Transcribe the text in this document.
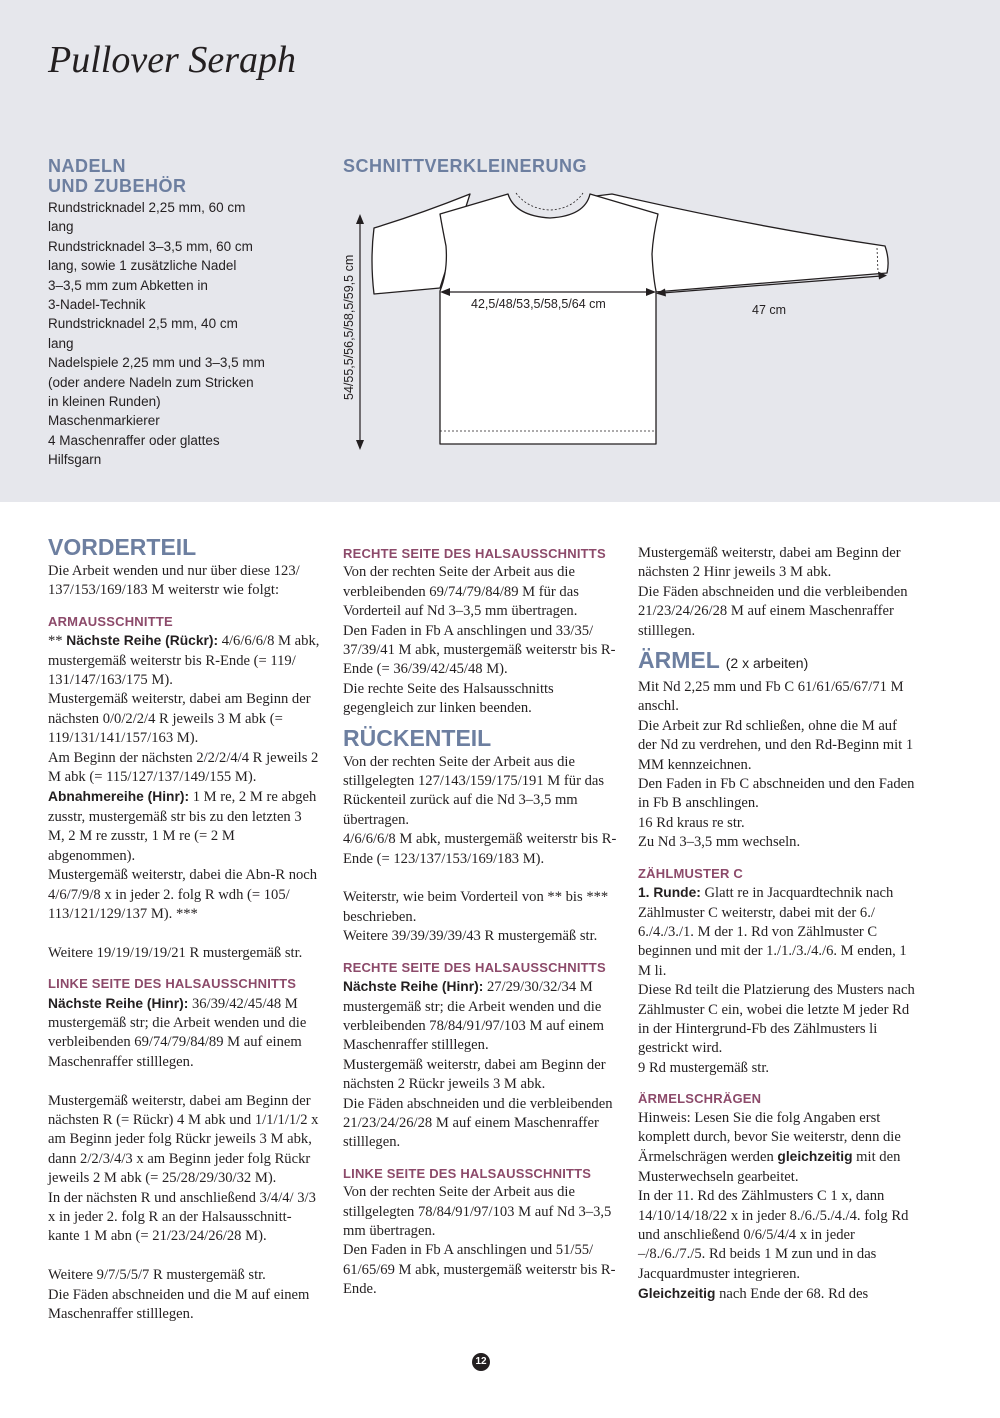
Pullover Seraph
NADELN
UND ZUBEHÖR
Rundstricknadel 2,25 mm, 60 cm
lang
Rundstricknadel 3–3,5 mm, 60 cm
lang, sowie 1 zusätzliche Nadel
3–3,5 mm zum Abketten in
3-Nadel-Technik
Rundstricknadel 2,5 mm, 40 cm
lang
Nadelspiele 2,25 mm und 3–3,5 mm
(oder andere Nadeln zum Stricken
in kleinen Runden)
Maschenmarkierer
4 Maschenraffer oder glattes
Hilfsgarn
SCHNITTVERKLEINERUNG
54/55,5/56,5/58,5/59,5 cm	42,5/48/53,5/58,5/64 cm	47 cm
VORDERTEIL

Die Arbeit wenden und nur über diese 123/ 137/153/169/183 M weiterstr wie folgt:

ARMAUSSCHNITTE

** Nächste Reihe (Rückr): 4/6/6/6/8 M abk, mustergemäß weiterstr bis R-Ende (= 119/ 131/147/163/175 M).

Mustergemäß weiterstr, dabei am Beginn der nächsten 0/0/2/2/4 R jeweils 3 M abk (= 119/131/141/157/163 M).

Am Beginn der nächsten 2/2/2/4/4 R jeweils 2 M abk (= 115/127/137/149/155 M).

Abnahmereihe (Hinr): 1 M re, 2 M re abgeh zusstr, mustergemäß str bis zu den letzten 3 M, 2 M re zusstr, 1 M re (= 2 M abgenommen).

Mustergemäß weiterstr, dabei die Abn-R noch 4/6/7/9/8 x in jeder 2. folg R wdh (= 105/ 113/121/129/137 M). ***

Weitere 19/19/19/19/21 R mustergemäß str.

LINKE SEITE DES HALSAUSSCHNITTS

Nächste Reihe (Hinr): 36/39/42/45/48 M mustergemäß str; die Arbeit wenden und die verbleibenden 69/74/79/84/89 M auf einem Maschenraffer stilllegen.

Mustergemäß weiterstr, dabei am Beginn der nächsten R (= Rückr) 4 M abk und 1/1/1/1/2 x am Beginn jeder folg Rückr jeweils 3 M abk, dann 2/2/3/4/3 x am Beginn jeder folg Rückr jeweils 2 M abk (= 25/28/29/30/32 M).

In der nächsten R und anschließend 3/4/4/ 3/3 x in jeder 2. folg R an der Halsausschnitt-kante 1 M abn (= 21/23/24/26/28 M).

Weitere 9/7/5/5/7 R mustergemäß str.

Die Fäden abschneiden und die M auf einem Maschenraffer stilllegen.

RECHTE SEITE DES HALSAUSSCHNITTS

Von der rechten Seite der Arbeit aus die verbleibenden 69/74/79/84/89 M für das Vorderteil auf Nd 3–3,5 mm übertragen.

Den Faden in Fb A anschlingen und 33/35/ 37/39/41 M abk, mustergemäß weiterstr bis R-Ende (= 36/39/42/45/48 M).

Die rechte Seite des Halsausschnitts gegengleich zur linken beenden.

RÜCKENTEIL

Von der rechten Seite der Arbeit aus die stillgelegten 127/143/159/175/191 M für das Rückenteil zurück auf die Nd 3–3,5 mm übertragen.

4/6/6/6/8 M abk, mustergemäß weiterstr bis R-Ende (= 123/137/153/169/183 M).

Weiterstr, wie beim Vorderteil von ** bis *** beschrieben.

Weitere 39/39/39/39/43 R mustergemäß str.

RECHTE SEITE DES HALSAUSSCHNITTS

Nächste Reihe (Hinr): 27/29/30/32/34 M mustergemäß str; die Arbeit wenden und die verbleibenden 78/84/91/97/103 M auf einem Maschenraffer stilllegen.

Mustergemäß weiterstr, dabei am Beginn der nächsten 2 Rückr jeweils 3 M abk.

Die Fäden abschneiden und die verbleibenden 21/23/24/26/28 M auf einem Maschenraffer stilllegen.

LINKE SEITE DES HALSAUSSCHNITTS

Von der rechten Seite der Arbeit aus die stillgelegten 78/84/91/97/103 M auf Nd 3–3,5 mm übertragen.

Den Faden in Fb A anschlingen und 51/55/ 61/65/69 M abk, mustergemäß weiterstr bis R-Ende.

Mustergemäß weiterstr, dabei am Beginn der nächsten 2 Hinr jeweils 3 M abk.

Die Fäden abschneiden und die verbleibenden 21/23/24/26/28 M auf einem Maschenraffer stilllegen.

ÄRMEL (2 x arbeiten)

Mit Nd 2,25 mm und Fb C 61/61/65/67/71 M anschl.

Die Arbeit zur Rd schließen, ohne die M auf der Nd zu verdrehen, und den Rd-Beginn mit 1 MM kennzeichnen.

Den Faden in Fb C abschneiden und den Faden in Fb B anschlingen.

16 Rd kraus re str.

Zu Nd 3–3,5 mm wechseln.

ZÄHLMUSTER C

1. Runde: Glatt re in Jacquardtechnik nach Zählmuster C weiterstr, dabei mit der 6./ 6./4./3./1. M der 1. Rd von Zählmuster C beginnen und mit der 1./1./3./4./6. M enden, 1 M li.

Diese Rd teilt die Platzierung des Musters nach Zählmuster C ein, wobei die letzte M jeder Rd in der Hintergrund-Fb des Zählmusters li gestrickt wird.

9 Rd mustergemäß str.

ÄRMELSCHRÄGEN

Hinweis: Lesen Sie die folg Angaben erst komplett durch, bevor Sie weiterstr, denn die Ärmelschrägen werden gleichzeitig mit den Musterwechseln gearbeitet.

In der 11. Rd des Zählmusters C 1 x, dann 14/10/14/18/22 x in jeder 8./6./5./4./4. folg Rd und anschließend 0/6/5/4/4 x in jeder –/8./6./7./5. Rd beids 1 M zun und in das Jacquardmuster integrieren.

Gleichzeitig nach Ende der 68. Rd des

12
